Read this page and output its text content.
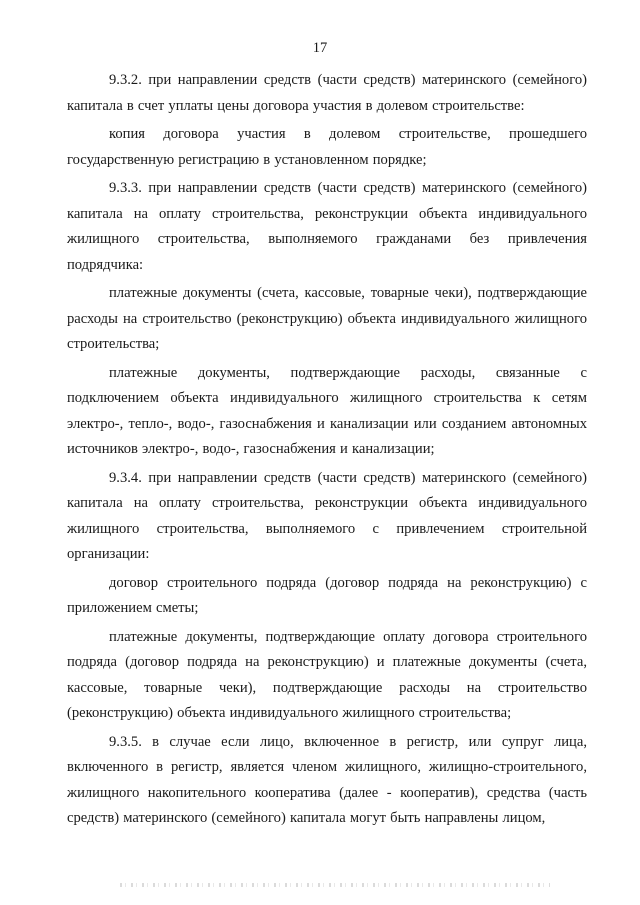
17

9.3.2. при направлении средств (части средств) материнского (семейного) капитала в счет уплаты цены договора участия в долевом строительстве:

копия договора участия в долевом строительстве, прошедшего государственную регистрацию в установленном порядке;

9.3.3. при направлении средств (части средств) материнского (семейного) капитала на оплату строительства, реконструкции объекта индивидуального жилищного строительства, выполняемого гражданами без привлечения подрядчика:

платежные документы (счета, кассовые, товарные чеки), подтверждающие расходы на строительство (реконструкцию) объекта индивидуального жилищного строительства;

платежные документы, подтверждающие расходы, связанные с подключением объекта индивидуального жилищного строительства к сетям электро-, тепло-, водо-, газоснабжения и канализации или созданием автономных источников электро-, водо-, газоснабжения и канализации;

9.3.4. при направлении средств (части средств) материнского (семейного) капитала на оплату строительства, реконструкции объекта индивидуального жилищного строительства, выполняемого с привлечением строительной организации:

договор строительного подряда (договор подряда на реконструкцию) с приложением сметы;

платежные документы, подтверждающие оплату договора строительного подряда (договор подряда на реконструкцию) и платежные документы (счета, кассовые, товарные чеки), подтверждающие расходы на строительство (реконструкцию) объекта индивидуального жилищного строительства;

9.3.5. в случае если лицо, включенное в регистр, или супруг лица, включенного в регистр, является членом жилищного, жилищно-строительного, жилищного накопительного кооператива (далее - кооператив), средства (часть средств) материнского (семейного) капитала могут быть направлены лицом,
